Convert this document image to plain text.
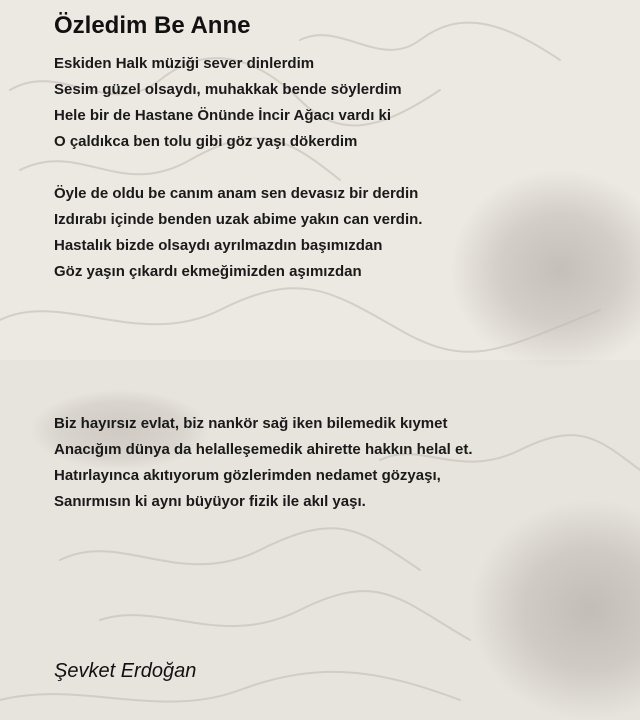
Özledim Be Anne
Eskiden Halk müziği sever dinlerdim
Sesim güzel olsaydı, muhakkak bende söylerdim
Hele bir de Hastane Önünde İncir Ağacı vardı ki
O çaldıkca ben tolu gibi göz yaşı dökerdim
Öyle de oldu be canım anam sen devasız bir derdin
Izdırabı içinde benden uzak abime yakın can verdin.
Hastalık bizde olsaydı ayrılmazdın başımızdan
Göz yaşın çıkardı ekmeğimizden aşımızdan
Biz hayırsız evlat, biz nankör sağ iken bilemedik kıymet
Anacığım dünya da helalleşemedik ahirette hakkın helal et.
Hatırlayınca akıtıyorum gözlerimden nedamet gözyaşı,
Sanırmısın ki aynı büyüyor fizik ile akıl yaşı.

Şevket Erdoğan
